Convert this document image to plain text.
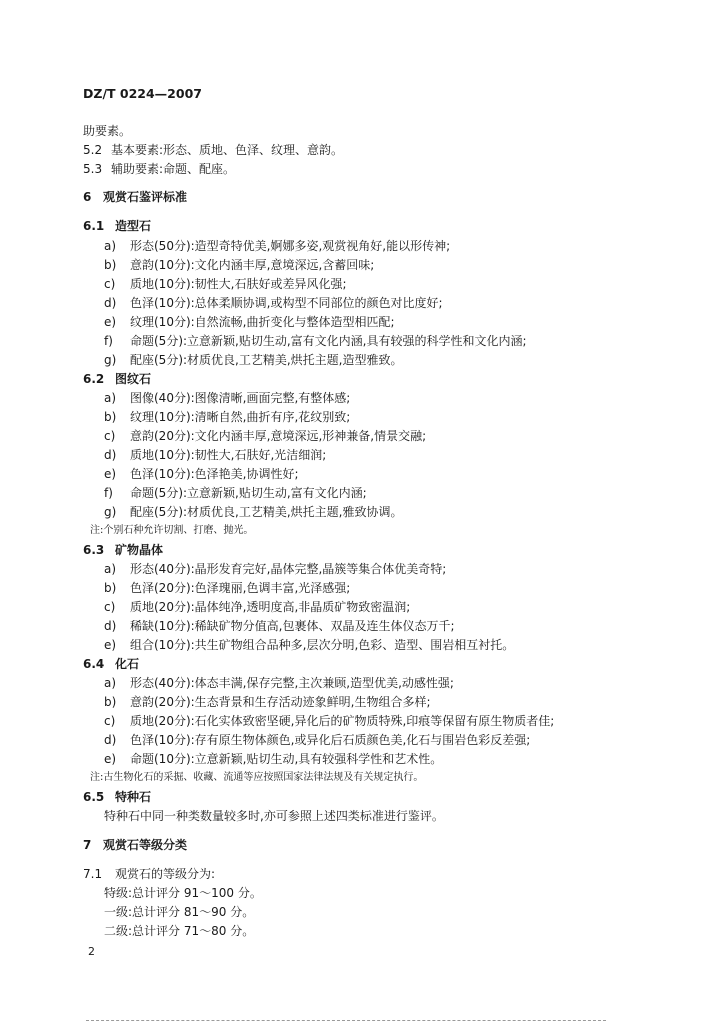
DZ/T 0224—2007
助要素。
5.2 基本要素:形态、质地、色泽、纹理、意韵。
5.3 辅助要素:命题、配座。
6 观赏石鉴评标准
6.1 造型石
a) 形态(50分):造型奇特优美,婀娜多姿,观赏视角好,能以形传神;
b) 意韵(10分):文化内涵丰厚,意境深远,含蓄回味;
c) 质地(10分):韧性大,石肤好或差异风化强;
d) 色泽(10分):总体柔顺协调,或构型不同部位的颜色对比度好;
e) 纹理(10分):自然流畅,曲折变化与整体造型相匹配;
f) 命题(5分):立意新颖,贴切生动,富有文化内涵,具有较强的科学性和文化内涵;
g) 配座(5分):材质优良,工艺精美,烘托主题,造型雅致。
6.2 图纹石
a) 图像(40分):图像清晰,画面完整,有整体感;
b) 纹理(10分):清晰自然,曲折有序,花纹别致;
c) 意韵(20分):文化内涵丰厚,意境深远,形神兼备,情景交融;
d) 质地(10分):韧性大,石肤好,光洁细润;
e) 色泽(10分):色泽艳美,协调性好;
f) 命题(5分):立意新颖,贴切生动,富有文化内涵;
g) 配座(5分):材质优良,工艺精美,烘托主题,雅致协调。
注:个别石种允许切割、打磨、抛光。
6.3 矿物晶体
a) 形态(40分):晶形发育完好,晶体完整,晶簇等集合体优美奇特;
b) 色泽(20分):色泽瑰丽,色调丰富,光泽感强;
c) 质地(20分):晶体纯净,透明度高,非晶质矿物致密温润;
d) 稀缺(10分):稀缺矿物分值高,包裹体、双晶及连生体仪态万千;
e) 组合(10分):共生矿物组合品种多,层次分明,色彩、造型、围岩相互衬托。
6.4 化石
a) 形态(40分):体态丰满,保存完整,主次兼顾,造型优美,动感性强;
b) 意韵(20分):生态背景和生存活动迹象鲜明,生物组合多样;
c) 质地(20分):石化实体致密坚硬,异化后的矿物质特殊,印痕等保留有原生物质者佳;
d) 色泽(10分):存有原生物体颜色,或异化后石质颜色美,化石与围岩色彩反差强;
e) 命题(10分):立意新颖,贴切生动,具有较强科学性和艺术性。
注:古生物化石的采掘、收藏、流通等应按照国家法律法规及有关规定执行。
6.5 特种石
特种石中同一种类数量较多时,亦可参照上述四类标准进行鉴评。
7 观赏石等级分类
7.1 观赏石的等级分为:
特级:总计评分 91～100 分。
一级:总计评分 81～90 分。
二级:总计评分 71～80 分。
2
